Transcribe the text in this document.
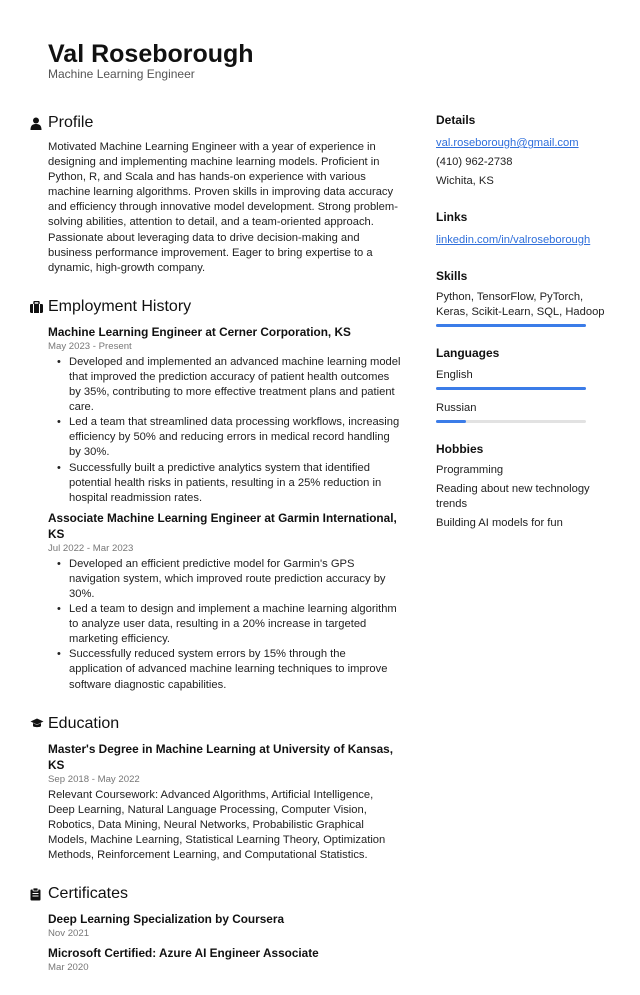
Val Roseborough
Machine Learning Engineer
Profile
Motivated Machine Learning Engineer with a year of experience in designing and implementing machine learning models. Proficient in Python, R, and Scala and has hands-on experience with various machine learning algorithms. Proven skills in improving data accuracy and efficiency through innovative model development. Strong problem-solving abilities, attention to detail, and a team-oriented approach. Passionate about leveraging data to drive decision-making and business performance improvement. Eager to bring expertise to a dynamic, high-growth company.
Employment History
Machine Learning Engineer at Cerner Corporation, KS
May 2023 - Present
• Developed and implemented an advanced machine learning model that improved the prediction accuracy of patient health outcomes by 35%, contributing to more effective treatment plans and patient care.
• Led a team that streamlined data processing workflows, increasing efficiency by 50% and reducing errors in medical record handling by 30%.
• Successfully built a predictive analytics system that identified potential health risks in patients, resulting in a 25% reduction in hospital readmission rates.
Associate Machine Learning Engineer at Garmin International, KS
Jul 2022 - Mar 2023
• Developed an efficient predictive model for Garmin's GPS navigation system, which improved route prediction accuracy by 30%.
• Led a team to design and implement a machine learning algorithm to analyze user data, resulting in a 20% increase in targeted marketing efficiency.
• Successfully reduced system errors by 15% through the application of advanced machine learning techniques to improve software diagnostic capabilities.
Education
Master's Degree in Machine Learning at University of Kansas, KS
Sep 2018 - May 2022
Relevant Coursework: Advanced Algorithms, Artificial Intelligence, Deep Learning, Natural Language Processing, Computer Vision, Robotics, Data Mining, Neural Networks, Probabilistic Graphical Models, Machine Learning, Statistical Learning Theory, Optimization Methods, Reinforcement Learning, and Computational Statistics.
Certificates
Deep Learning Specialization by Coursera
Nov 2021
Microsoft Certified: Azure AI Engineer Associate
Mar 2020
Details
val.roseborough@gmail.com
(410) 962-2738
Wichita, KS
Links
linkedin.com/in/valroseborough
Skills
Python, TensorFlow, PyTorch, Keras, Scikit-Learn, SQL, Hadoop
Languages
English
Russian
Hobbies
Programming
Reading about new technology trends
Building AI models for fun
